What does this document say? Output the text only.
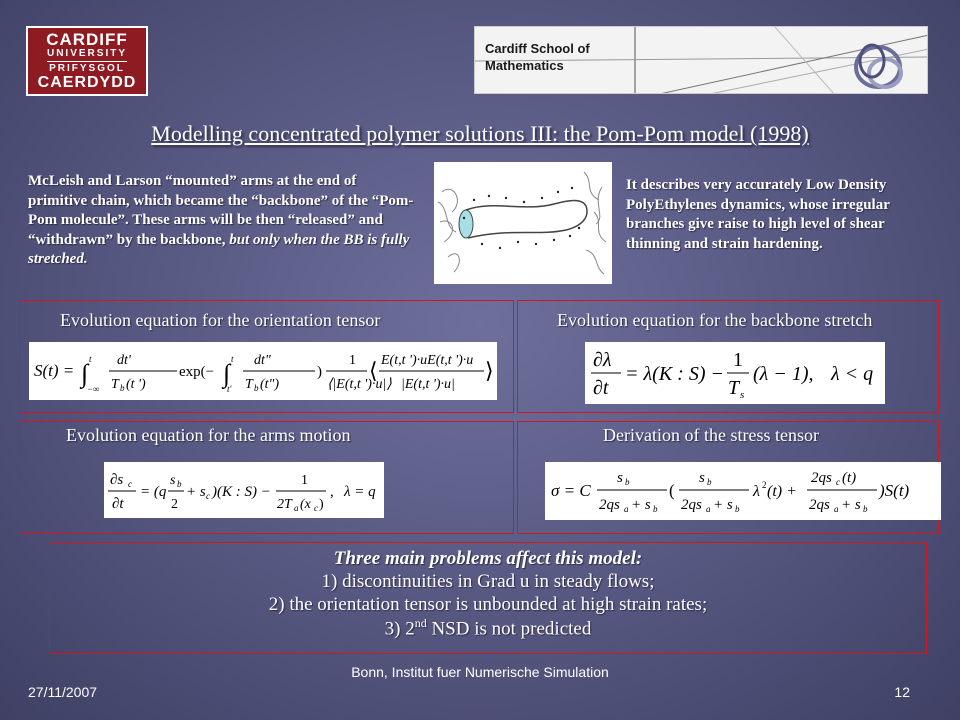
CARDIFF
UNIVERSITY
PRIFYSGOL
CAERDYDD
Cardiff School of
Mathematics
Modelling concentrated polymer solutions III: the Pom-Pom model (1998)
McLeish and Larson “mounted” arms at the end of primitive chain, which became the “backbone” of the “Pom-Pom molecule”. These arms will be then “released” and “withdrawn” by the backbone, but only when the BB is fully stretched.
It describes very accurately Low Density PolyEthylenes dynamics, whose irregular branches give raise to high level of shear thinning and strain hardening.
Evolution equation for the orientation tensor
S(t) = ∫ t
−∞
dt'
T b (t ')
exp(− ∫ t
t'
dt"
T b (t")
)
1
⟨|E(t,t ')·u|⟩
⟨ E(t,t ')·uE(t,t ')·u
|E(t,t ')·u|
⟩
Evolution equation for the backbone stretch
∂λ
∂t
= λ(K : S) −
1
T s
(λ − 1), λ < q
Evolution equation for the arms motion
∂s c
∂t
= (q
s b
2
+ s c )(K : S) −
1
2T a (x c )
, λ = q
Derivation of the stress tensor
σ = C
s b
2qs a + s b
(
s b
2qs a + s b
λ 2 (t) +
2qs c (t)
2qs a + s b
)S(t)
Three main problems affect this model:
1) discontinuities in Grad u in steady flows;
2) the orientation tensor is unbounded at high strain rates;
3) 2nd NSD is not predicted
27/11/2007
Bonn, Institut fuer Numerische Simulation
12
